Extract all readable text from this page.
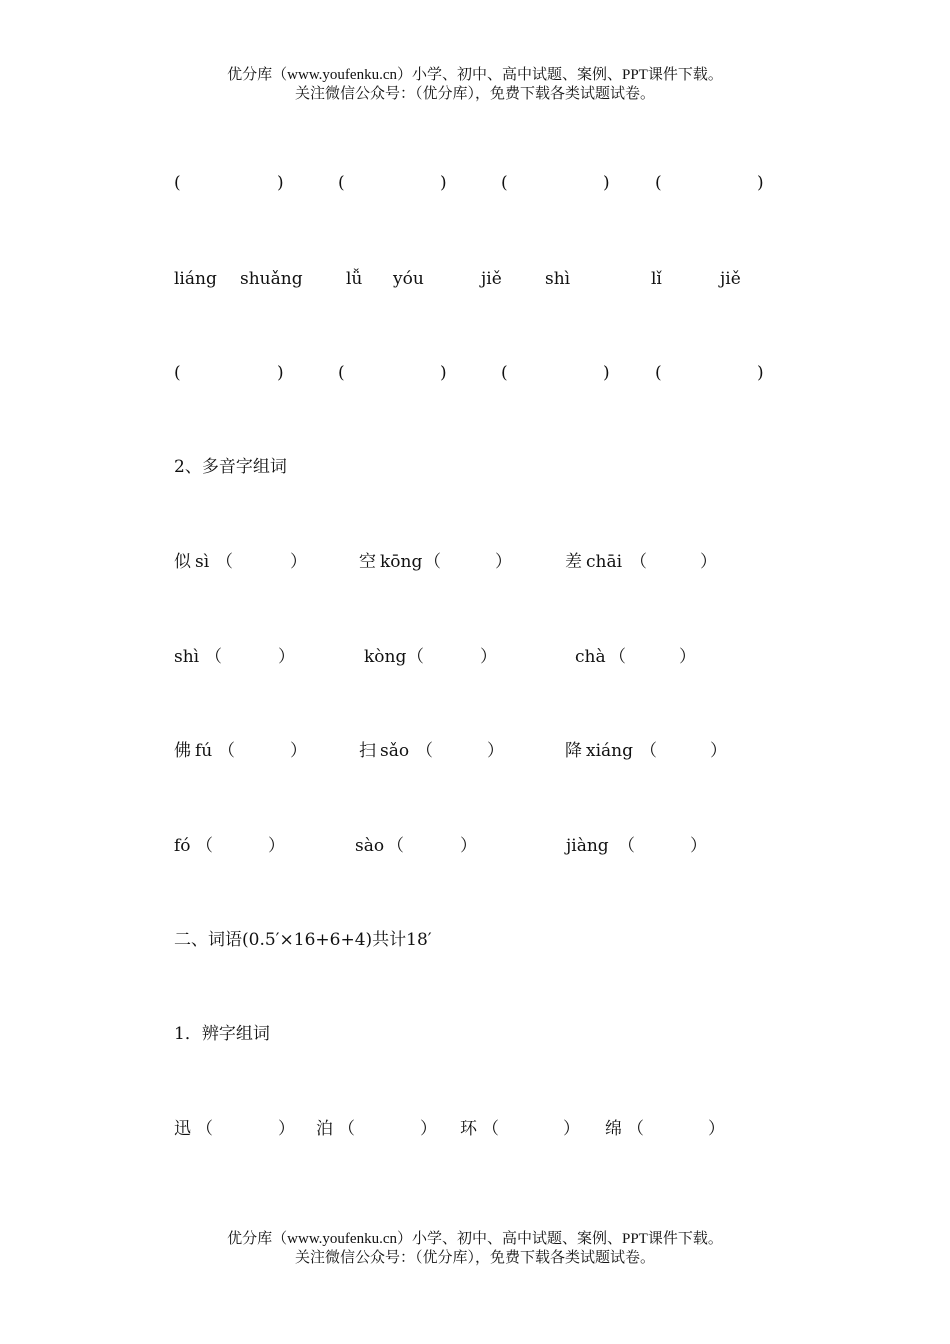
优分库（www.youfenku.cn）小学、初中、高中试题、案例、PPT课件下载。
关注微信公众号：（优分库），免费下载各类试题试卷。
(	)	(	)	(	)	(	)
liáng shuǎng	lǚ yóu	jiě	shì	lǐ	jiě
(	)	(	)	(	)	(	)
2、多音字组词
似 sì （	）	空 kōng （	）	差 chāi （	）
shì （	）	kòng （	）	chà （	）
佛 fú （	）	扫 sǎo （	）	降 xiáng （	）
fó （	）	sào （	）	jiàng （	）
二、词语(0.5′×16+6+4)共计18′
1．辨字组词
迅 （	） 泊 （	） 环 （	） 绵 （	）
优分库（www.youfenku.cn）小学、初中、高中试题、案例、PPT课件下载。
关注微信公众号：（优分库），免费下载各类试题试卷。
